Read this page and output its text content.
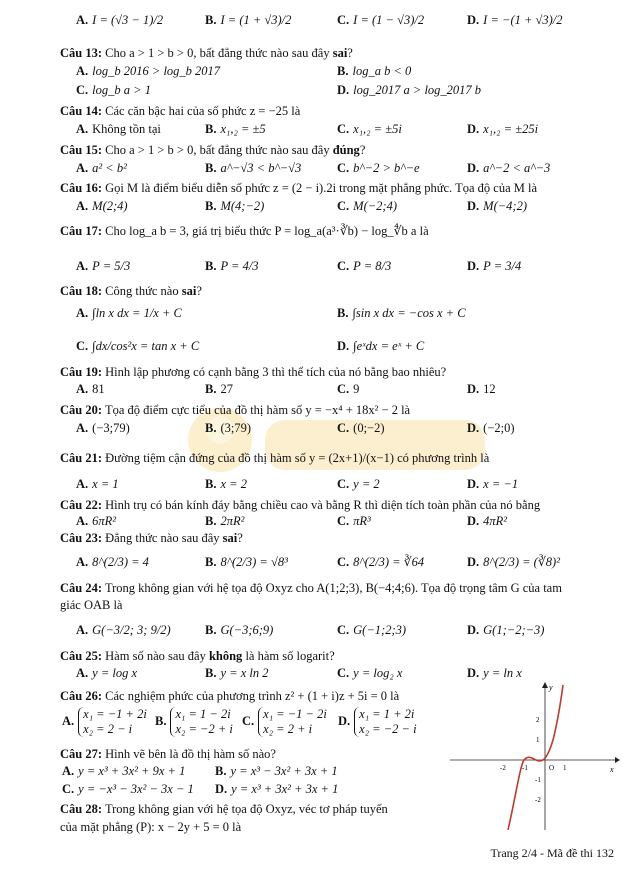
A. I = (√3 − 1)/2	B. I = (1 + √3)/2	C. I = (1 − √3)/2	D. I = −(1 + √3)/2
Câu 13: Cho a > 1 > b > 0, bất đẳng thức nào sau đây sai?
A. log_b 2016 > log_b 2017	B. log_a b < 0
C. log_b a > 1	D. log_2017 a > log_2017 b
Câu 14: Các căn bậc hai của số phức z = −25 là
A. Không tồn tại	B. x₁,₂ = ±5	C. x₁,₂ = ±5i	D. x₁,₂ = ±25i
Câu 15: Cho a > 1 > b > 0, bất đẳng thức nào sau đây đúng?
A. a² < b²	B. a^−√3 < b^−√3	C. b^−2 > b^−e	D. a^−2 < a^−3
Câu 16: Gọi M là điểm biểu diễn số phức z = (2 − i).2i trong mặt phẳng phức. Tọa độ của M là
A. M(2;4)	B. M(4;−2)	C. M(−2;4)	D. M(−4;2)
Câu 17: Cho log_a b = 3, giá trị biểu thức P = log_a(a³·∛b) − log_∜b a là
A. P = 5/3	B. P = 4/3	C. P = 8/3	D. P = 3/4
Câu 18: Công thức nào sai?
A. ∫ln x dx = 1/x + C	B. ∫sin x dx = −cos x + C
C. ∫dx/cos²x = tan x + C	D. ∫eˣdx = eˣ + C
Câu 19: Hình lập phương có cạnh bằng 3 thì thể tích của nó bằng bao nhiêu?
A. 81	B. 27	C. 9	D. 12
Câu 20: Tọa độ điểm cực tiểu của đồ thị hàm số y = −x⁴ + 18x² − 2 là
A. (−3;79)	B. (3;79)	C. (0;−2)	D. (−2;0)
Câu 21: Đường tiệm cận đứng của đồ thị hàm số y = (2x+1)/(x−1) có phương trình là
A. x = 1	B. x = 2	C. y = 2	D. x = −1
Câu 22: Hình trụ có bán kính đáy bằng chiều cao và bằng R thì diện tích toàn phần của nó bằng
A. 6πR²	B. 2πR²	C. πR³	D. 4πR²
Câu 23: Đẳng thức nào sau đây sai?
A. 8^(2/3) = 4	B. 8^(2/3) = √8³	C. 8^(2/3) = ∛64	D. 8^(2/3) = (∛8)²
Câu 24: Trong không gian với hệ tọa độ Oxyz cho A(1;2;3), B(−4;4;6). Tọa độ trọng tâm G của tam
giác OAB là
A. G(−3/2; 3; 9/2)	B. G(−3;6;9)	C. G(−1;2;3)	D. G(1;−2;−3)
Câu 25: Hàm số nào sau đây không là hàm số logarit?
A. y = log x	B. y = x ln 2	C. y = log₂ x	D. y = ln x
Câu 26: Các nghiệm phức của phương trình z² + (1 + i)z + 5i = 0 là
A. x₁ = −1 + 2i
x₂ = 2 − i
B. x₁ = 1 − 2i
x₂ = −2 + i
C. x₁ = −1 − 2i
x₂ = 2 + i
D. x₁ = 1 + 2i
x₂ = −2 − i
Câu 27: Hình vẽ bên là đồ thị hàm số nào?
A. y = x³ + 3x² + 9x + 1 B. y = x³ − 3x² + 3x + 1
C. y = −x³ − 3x² − 3x − 1 D. y = x³ + 3x² + 3x + 1
Câu 28: Trong không gian với hệ tọa độ Oxyz, véc tơ pháp tuyến
của mặt phẳng (P): x − 2y + 5 = 0 là
x
y
O
-2 -1	1
2
1
-1
-2
Trang 2/4 - Mã đề thi 132
